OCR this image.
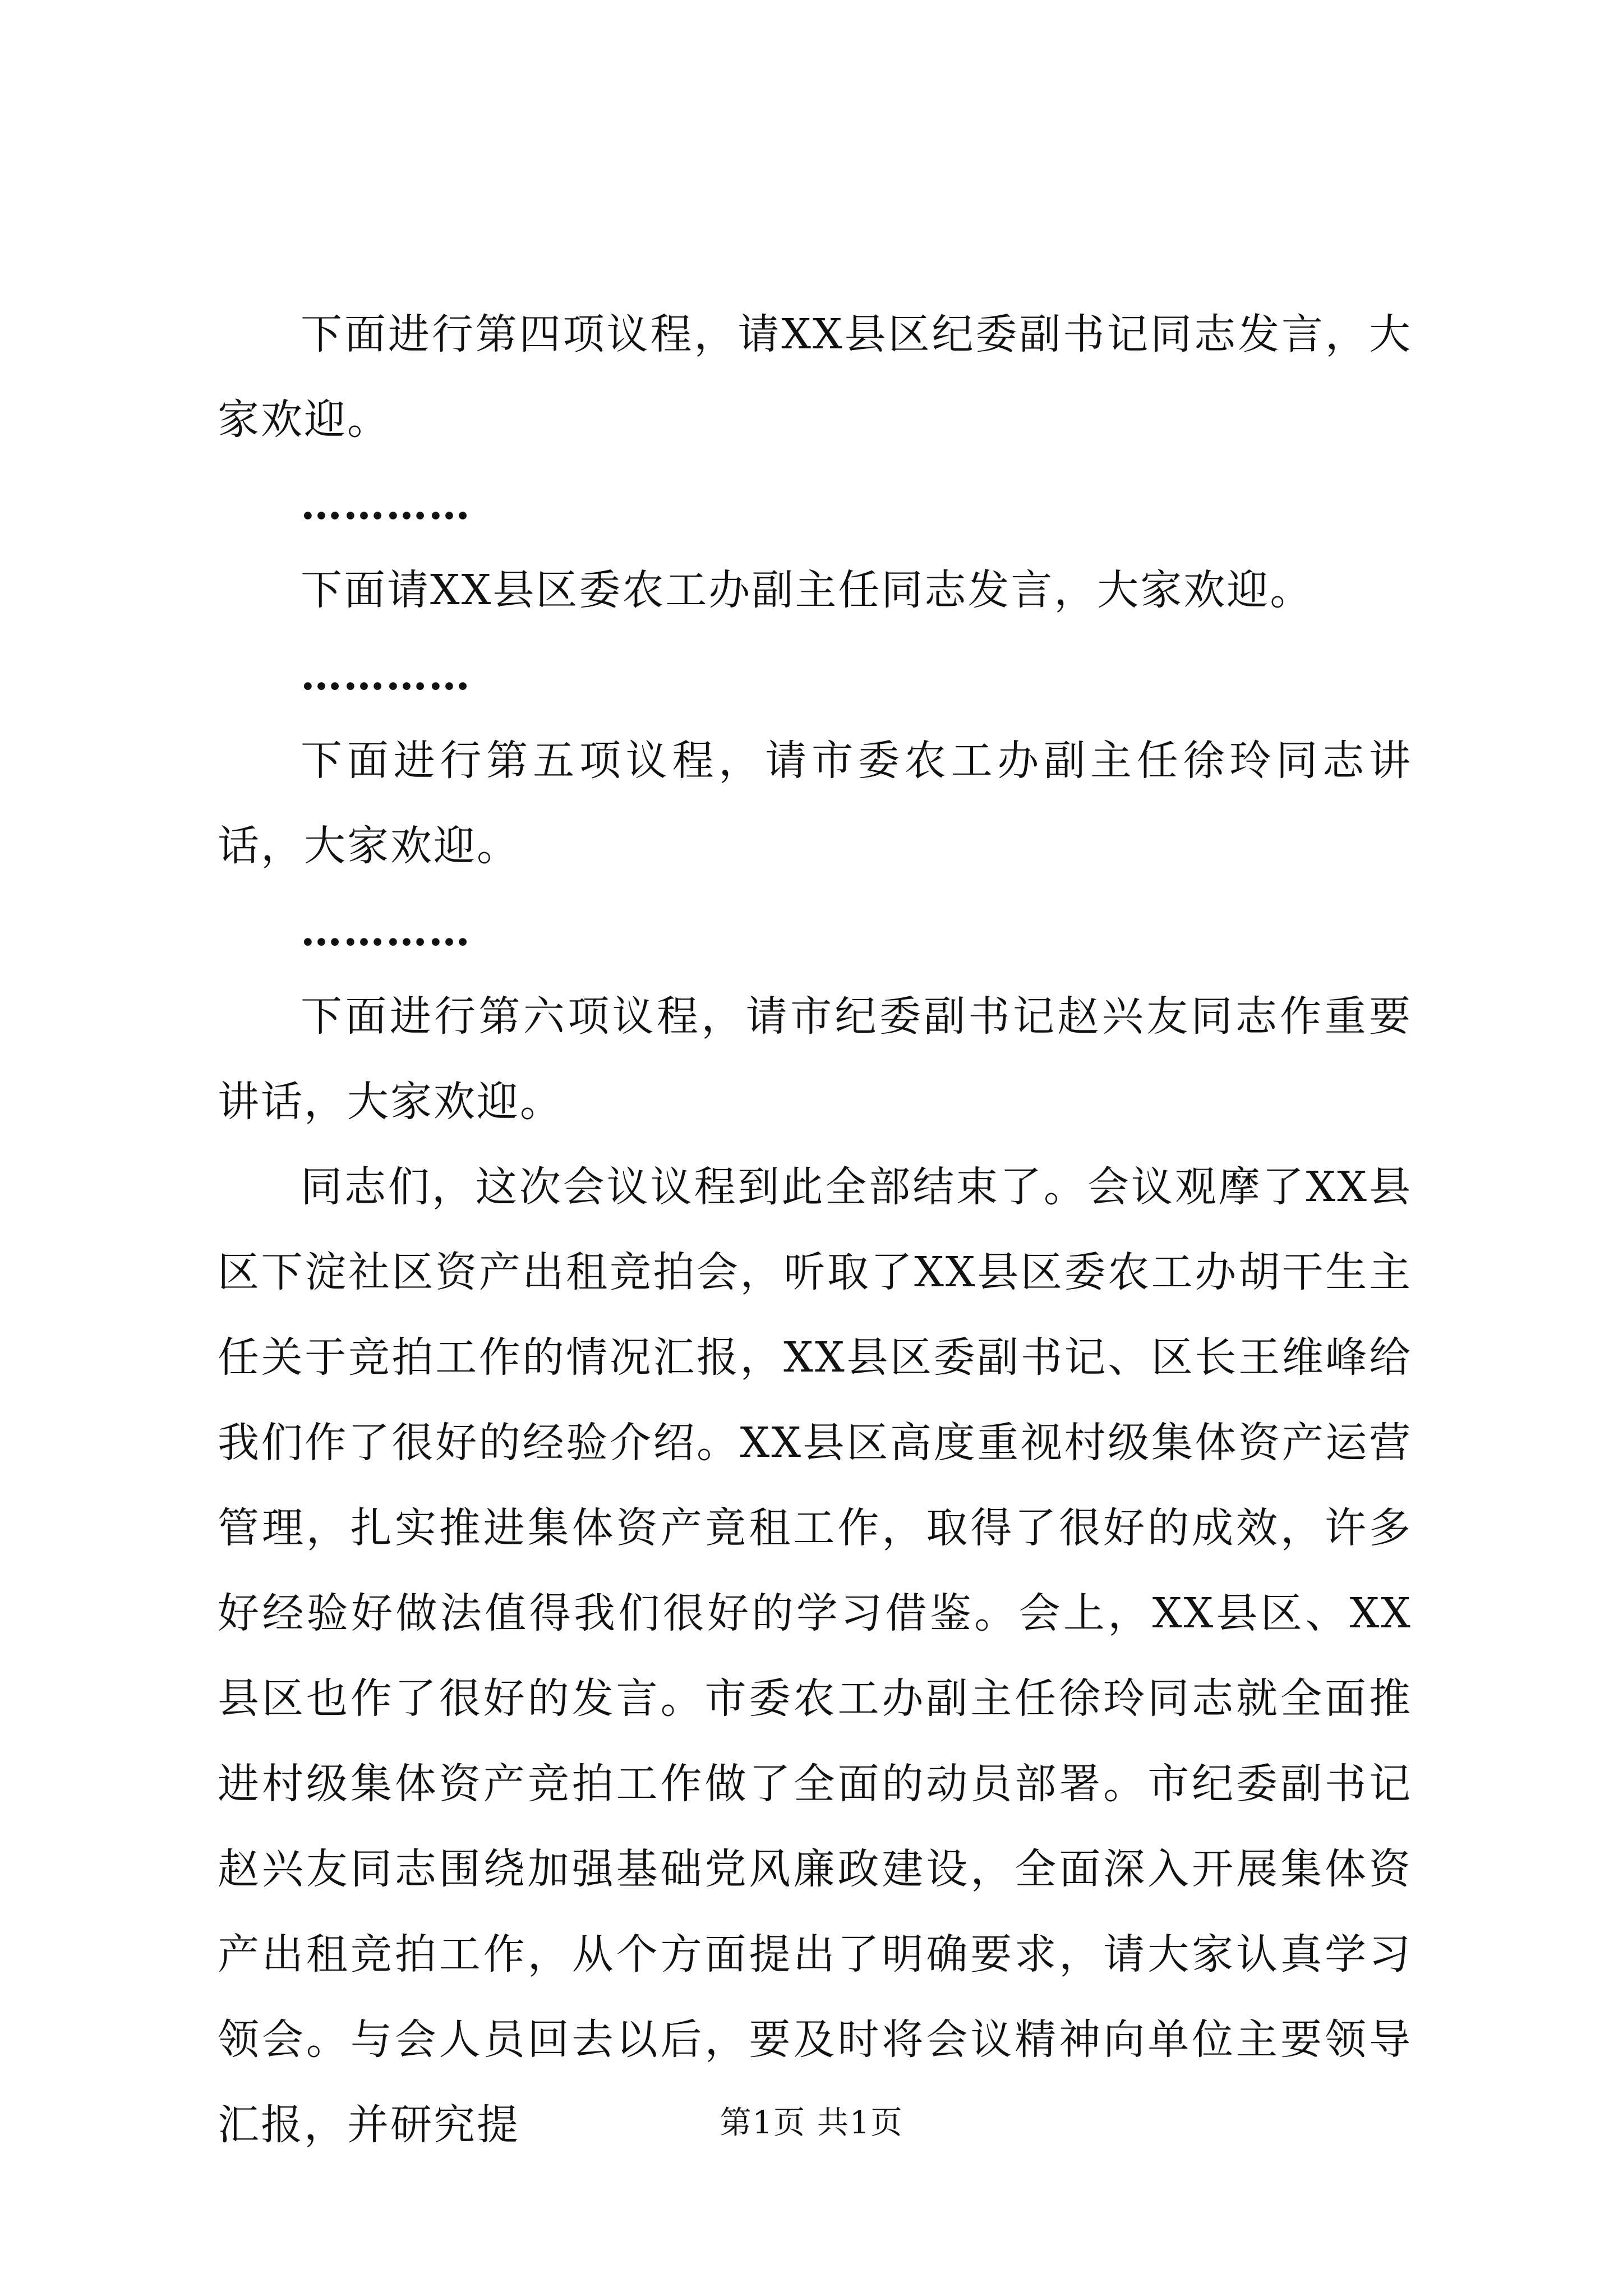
下面进行第四项议程，请XX县区纪委副书记同志发言，大家欢迎。

…………

下面请XX县区委农工办副主任同志发言，大家欢迎。

…………

下面进行第五项议程，请市委农工办副主任徐玲同志讲话，大家欢迎。

…………

下面进行第六项议程，请市纪委副书记赵兴友同志作重要讲话，大家欢迎。

同志们，这次会议议程到此全部结束了。会议观摩了XX县区下淀社区资产出租竞拍会，听取了XX县区委农工办胡干生主任关于竞拍工作的情况汇报，XX县区委副书记、区长王维峰给我们作了很好的经验介绍。XX县区高度重视村级集体资产运营管理，扎实推进集体资产竟租工作，取得了很好的成效，许多好经验好做法值得我们很好的学习借鉴。会上，XX县区、XX县区也作了很好的发言。市委农工办副主任徐玲同志就全面推进村级集体资产竞拍工作做了全面的动员部署。市纪委副书记赵兴友同志围绕加强基础党风廉政建设，全面深入开展集体资产出租竞拍工作，从个方面提出了明确要求，请大家认真学习领会。与会人员回去以后，要及时将会议精神向单位主要领导汇报，并研究提	第1页 共1页
